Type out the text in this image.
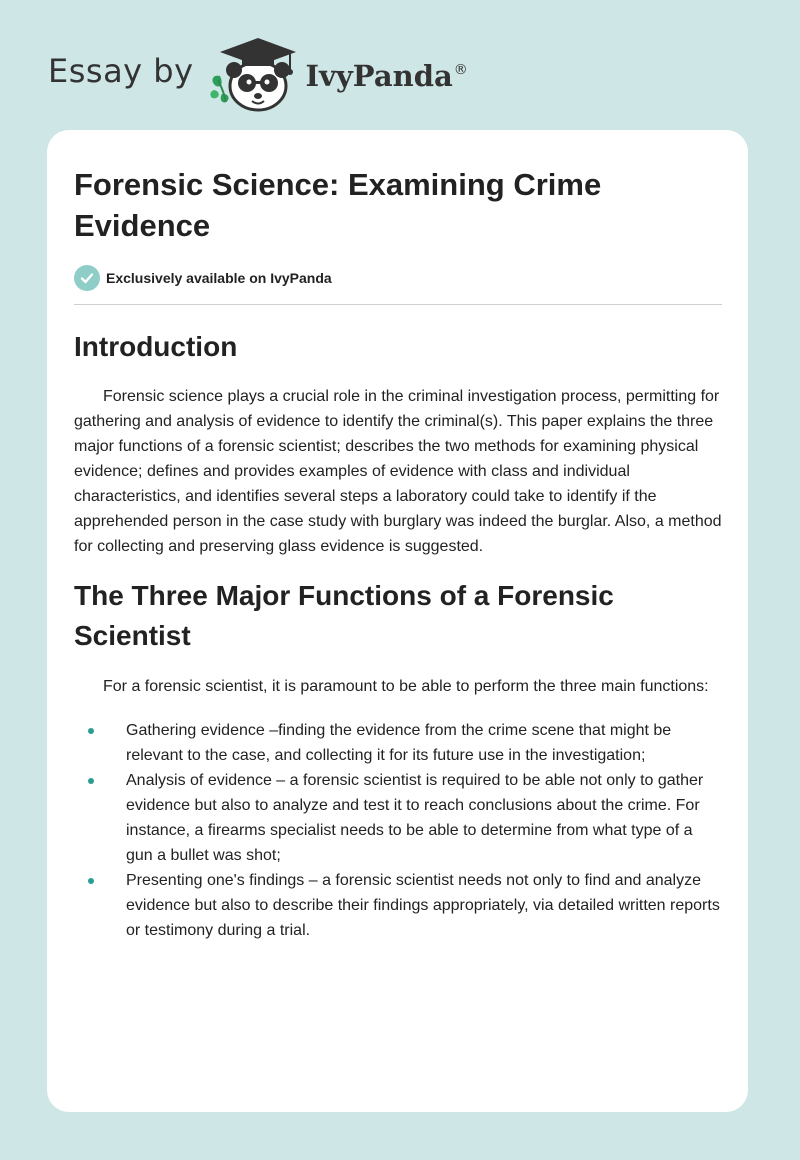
Essay by	IvyPanda®
Forensic Science: Examining Crime Evidence
Exclusively available on IvyPanda
Introduction

Forensic science plays a crucial role in the criminal investigation process, permitting for gathering and analysis of evidence to identify the criminal(s). This paper explains the three major functions of a forensic scientist; describes the two methods for examining physical evidence; defines and provides examples of evidence with class and individual characteristics, and identifies several steps a laboratory could take to identify if the apprehended person in the case study with burglary was indeed the burglar. Also, a method for collecting and preserving glass evidence is suggested.

The Three Major Functions of a Forensic Scientist

For a forensic scientist, it is paramount to be able to perform the three main functions:

Gathering evidence –finding the evidence from the crime scene that might be relevant to the case, and collecting it for its future use in the investigation;
Analysis of evidence – a forensic scientist is required to be able not only to gather evidence but also to analyze and test it to reach conclusions about the crime. For instance, a firearms specialist needs to be able to determine from what type of a gun a bullet was shot;
Presenting one's findings – a forensic scientist needs not only to find and analyze evidence but also to describe their findings appropriately, via detailed written reports or testimony during a trial.
